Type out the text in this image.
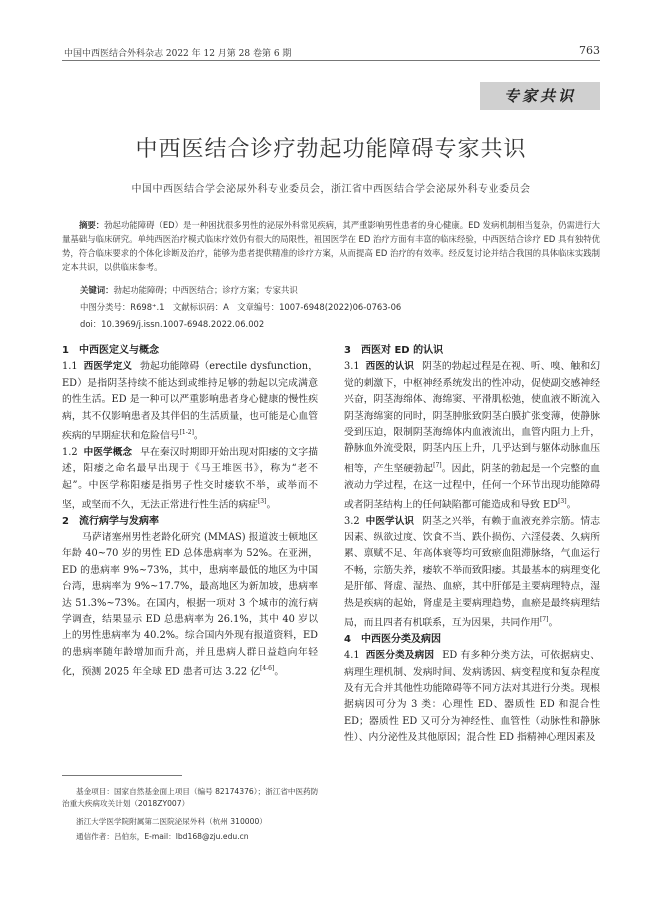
中国中西医结合外科杂志 2022 年 12 月第 28 卷第 6 期	763
专家共识
中西医结合诊疗勃起功能障碍专家共识
中国中西医结合学会泌尿外科专业委员会，浙江省中西医结合学会泌尿外科专业委员会
摘要：勃起功能障碍（ED）是一种困扰很多男性的泌尿外科常见疾病，其严重影响男性患者的身心健康。ED 发病机制相当复杂，仍需进行大量基础与临床研究。单纯西医治疗模式临床疗效仍有很大的局限性，祖国医学在 ED 治疗方面有丰富的临床经验，中西医结合诊疗 ED 具有独特优势，符合临床要求的个体化诊断及治疗，能够为患者提供精准的诊疗方案，从而提高 ED 治疗的有效率。经反复讨论并结合我国的具体临床实践制定本共识，以供临床参考。
关键词：勃起功能障碍；中西医结合；诊疗方案；专家共识
中图分类号：R698⁺.1　文献标识码：A　文章编号：1007-6948(2022)06-0763-06
doi：10.3969/j.issn.1007-6948.2022.06.002

1 中西医定义与概念

1.1 西医学定义 勃起功能障碍（erectile dysfunction，ED）是指阴茎持续不能达到或维持足够的勃起以完成满意的性生活。ED 是一种可以严重影响患者身心健康的慢性疾病，其不仅影响患者及其伴侣的生活质量，也可能是心血管疾病的早期症状和危险信号[1-2]。

1.2 中医学概念 早在秦汉时期即开始出现对阳痿的文字描述，阳痿之命名最早出现于《马王堆医书》，称为“老不起”。中医学称阳痿是指男子性交时痿软不举，或举而不坚，或坚而不久，无法正常进行性生活的病症[3]。

2 流行病学与发病率

马萨诸塞州男性老龄化研究 (MMAS) 报道波士顿地区年龄 40~70 岁的男性 ED 总体患病率为 52%。在亚洲，ED 的患病率 9%~73%，其中，患病率最低的地区为中国台湾，患病率为 9%~17.7%，最高地区为新加坡，患病率达 51.3%~73%。在国内，根据一项对 3 个城市的流行病学调查，结果显示 ED 总患病率为 26.1%，其中 40 岁以上的男性患病率为 40.2%。综合国内外现有报道资料，ED 的患病率随年龄增加而升高，并且患病人群日益趋向年轻化，预测 2025 年全球 ED 患者可达 3.22 亿[4-6]。

基金项目：国家自然基金面上项目（编号 82174376）；浙江省中医药防治重大疾病攻关计划（2018ZY007）
浙江大学医学院附属第二医院泌尿外科（杭州 310000）
通信作者：吕伯东，E-mail：lbd168@zju.edu.cn

3 西医对 ED 的认识

3.1 西医的认识 阴茎的勃起过程是在视、听、嗅、触和幻觉的刺激下，中枢神经系统发出的性冲动，促使副交感神经兴奋，阴茎海绵体、海绵窦、平滑肌松弛，使血液不断流入阴茎海绵窦的同时，阴茎肿胀致阴茎白膜扩张变薄，使静脉受到压迫，限制阴茎海绵体内血液流出，血管内阻力上升，静脉血外流受限，阴茎内压上升，几乎达到与躯体动脉血压相等，产生坚硬勃起[7]。因此，阴茎的勃起是一个完整的血液动力学过程，在这一过程中，任何一个环节出现功能障碍或者阴茎结构上的任何缺陷都可能造成和导致 ED[3]。

3.2 中医学认识 阴茎之兴举，有赖于血液充养宗筋。情志因素、纵欲过度、饮食不当、跌仆损伤、六淫侵袭、久病所累、禀赋不足、年高体衰等均可致瘀血阻滞脉络，气血运行不畅，宗筋失养，痿软不举而致阳痿。其最基本的病理变化是肝郁、肾虚、湿热、血瘀，其中肝郁是主要病理特点，湿热是疾病的起始，肾虚是主要病理趋势，血瘀是最终病理结局，而且四者有机联系，互为因果，共同作用[7]。

4 中西医分类及病因

4.1 西医分类及病因 ED 有多种分类方法，可依据病史、病理生理机制、发病时间、发病诱因、病变程度和复杂程度及有无合并其他性功能障碍等不同方法对其进行分类。现根据病因可分为 3 类：心理性 ED、器质性 ED 和混合性 ED；器质性 ED 又可分为神经性、血管性（动脉性和静脉性）、内分泌性及其他原因；混合性 ED 指精神心理因素及
